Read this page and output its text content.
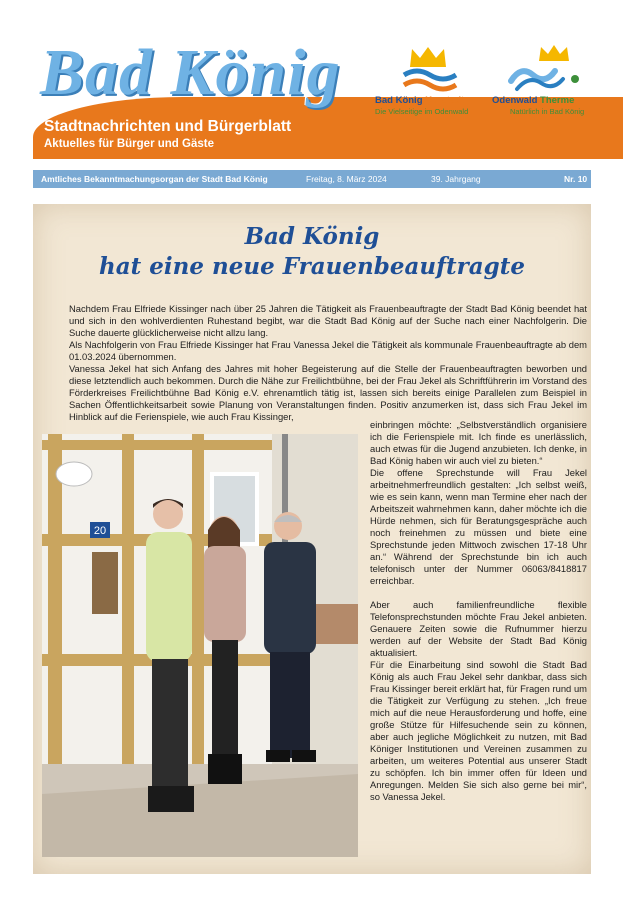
Bad König
Stadtnachrichten und Bürgerblatt
Aktuelles für Bürger und Gäste
Bad König Kurstadt
Die Vielseitige im Odenwald
Odenwald Therme
Natürlich in Bad König
Amtliches Bekanntmachungsorgan der Stadt Bad König	Freitag, 8. März 2024	39. Jahrgang	Nr. 10
Bad König
hat eine neue Frauenbeauftragte

Nachdem Frau Elfriede Kissinger nach über 25 Jahren die Tätigkeit als Frauenbeauftragte der Stadt Bad König beendet hat und sich in den wohlverdienten Ruhestand begibt, war die Stadt Bad König auf der Suche nach einer Nachfolgerin. Die Suche dauerte glücklicherweise nicht allzu lang.

Als Nachfolgerin von Frau Elfriede Kissinger hat Frau Vanessa Jekel die Tätigkeit als kommunale Frauenbeauftragte ab dem 01.03.2024 übernommen.

Vanessa Jekel hat sich Anfang des Jahres mit hoher Begeisterung auf die Stelle der Frauenbeauftragten beworben und diese letztendlich auch bekommen. Durch die Nähe zur Freilichtbühne, bei der Frau Jekel als Schriftführerin im Vorstand des Förderkreises Freilichtbühne Bad König e.V. ehrenamtlich tätig ist, lassen sich bereits einige Parallelen zum Beispiel in Sachen Öffentlichkeitsarbeit sowie Planung von Veranstaltungen finden. Positiv anzumerken ist, dass sich Frau Jekel im Hinblick auf die Ferienspiele, wie auch Frau Kissinger,

einbringen möchte: „Selbstverständlich organisiere ich die Ferienspiele mit. Ich finde es unerlässlich, auch etwas für die Jugend anzubieten. Ich denke, in Bad König haben wir auch viel zu bieten.“

Die offene Sprechstunde will Frau Jekel arbeitnehmerfreundlich gestalten: „Ich selbst weiß, wie es sein kann, wenn man Termine eher nach der Arbeitszeit wahrnehmen kann, daher möchte ich die Hürde nehmen, sich für Beratungsgespräche auch noch freinehmen zu müssen und biete eine Sprechstunde jeden Mittwoch zwischen 17-18 Uhr an.“ Während der Sprechstunde bin ich auch telefonisch unter der Nummer 06063/8418817 erreichbar.

Aber auch familienfreundliche flexible Telefonsprechstunden möchte Frau Jekel anbieten. Genauere Zeiten sowie die Rufnummer hierzu werden auf der Website der Stadt Bad König aktualisiert.

Für die Einarbeitung sind sowohl die Stadt Bad König als auch Frau Jekel sehr dankbar, dass sich Frau Kissinger bereit erklärt hat, für Fragen rund um die Tätigkeit zur Verfügung zu stehen. „Ich freue mich auf die neue Herausforderung und hoffe, eine große Stütze für Hilfesuchende sein zu können, aber auch jegliche Möglichkeit zu nutzen, mit Bad Königer Institutionen und Vereinen zusammen zu arbeiten, um weiteres Potential aus unserer Stadt zu schöpfen. Ich bin immer offen für Ideen und Anregungen. Melden Sie sich also gerne bei mir“, so Vanessa Jekel.

20
